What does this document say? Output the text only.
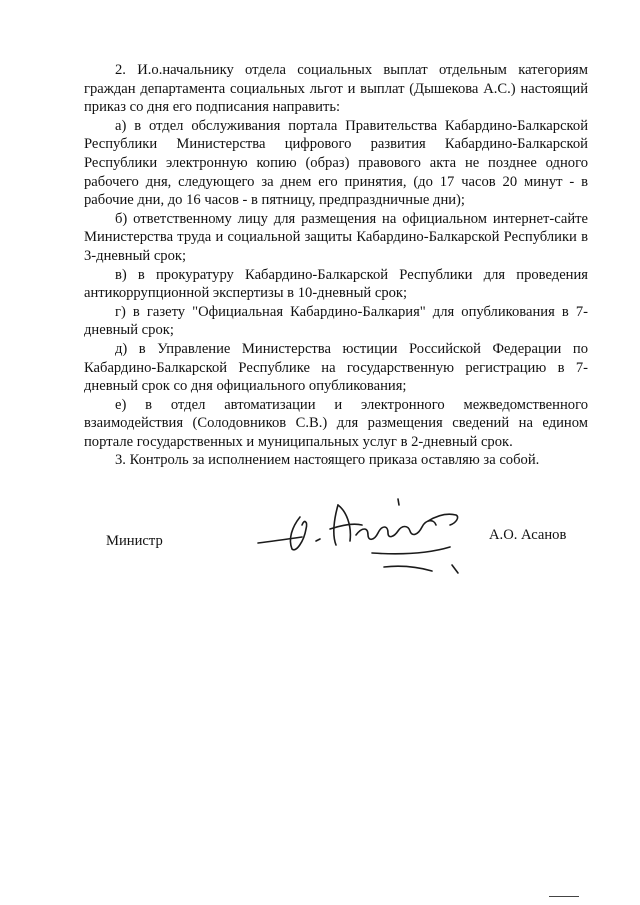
2. И.о.начальнику отдела социальных выплат отдельным категориям граждан департамента социальных льгот и выплат (Дышекова А.С.) настоящий приказ со дня его подписания направить:

а) в отдел обслуживания портала Правительства Кабардино-Балкарской Республики Министерства цифрового развития Кабардино-Балкарской Республики электронную копию (образ) правового акта не позднее одного рабочего дня, следующего за днем его принятия, (до 17 часов 20 минут - в рабочие дни, до 16 часов - в пятницу, предпраздничные дни);

б) ответственному лицу для размещения на официальном интернет-сайте Министерства труда и социальной защиты Кабардино-Балкарской Республики в 3-дневный срок;

в) в прокуратуру Кабардино-Балкарской Республики для проведения антикоррупционной экспертизы в 10-дневный срок;

г) в газету "Официальная Кабардино-Балкария" для опубликования в 7-дневный срок;

д) в Управление Министерства юстиции Российской Федерации по Кабардино-Балкарской Республике на государственную регистрацию в 7-дневный срок со дня официального опубликования;

е) в отдел автоматизации и электронного межведомственного взаимодействия (Солодовников С.В.) для размещения сведений на едином портале государственных и муниципальных услуг в 2-дневный срок.

3. Контроль за исполнением настоящего приказа оставляю за собой.

Министр	А.О. Асанов
